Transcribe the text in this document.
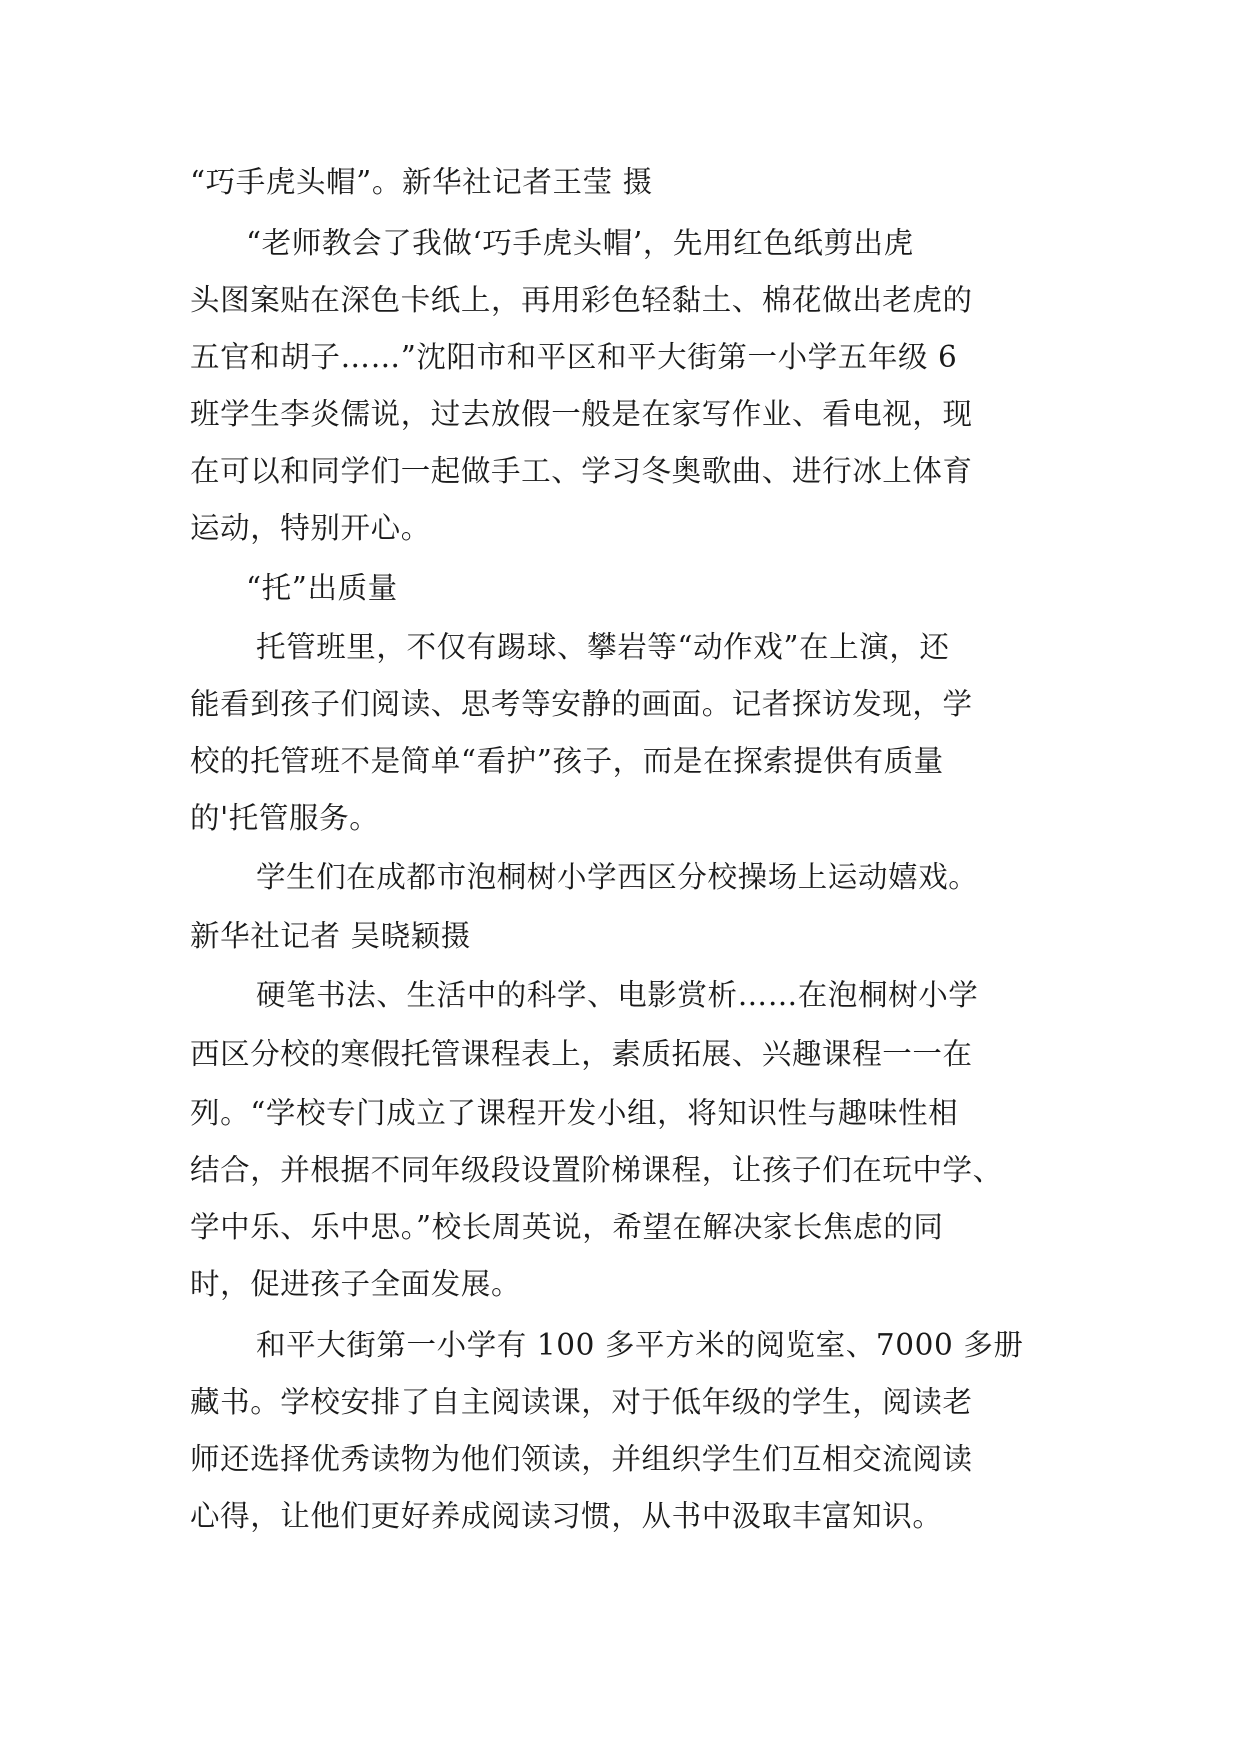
“巧手虎头帽”。新华社记者王莹 摄
“老师教会了我做‘巧手虎头帽’，先用红色纸剪出虎
头图案贴在深色卡纸上，再用彩色轻黏土、棉花做出老虎的
五官和胡子……”沈阳市和平区和平大街第一小学五年级 6
班学生李炎儒说，过去放假一般是在家写作业、看电视，现
在可以和同学们一起做手工、学习冬奥歌曲、进行冰上体育
运动，特别开心。
“托”出质量
托管班里，不仅有踢球、攀岩等“动作戏”在上演，还
能看到孩子们阅读、思考等安静的画面。记者探访发现，学
校的托管班不是简单“看护”孩子，而是在探索提供有质量
的'托管服务。
学生们在成都市泡桐树小学西区分校操场上运动嬉戏。
新华社记者 吴晓颖摄
硬笔书法、生活中的科学、电影赏析……在泡桐树小学
西区分校的寒假托管课程表上，素质拓展、兴趣课程一一在
列。“学校专门成立了课程开发小组，将知识性与趣味性相
结合，并根据不同年级段设置阶梯课程，让孩子们在玩中学、
学中乐、乐中思。”校长周英说，希望在解决家长焦虑的同
时，促进孩子全面发展。
和平大街第一小学有 100 多平方米的阅览室、7000 多册
藏书。学校安排了自主阅读课，对于低年级的学生，阅读老
师还选择优秀读物为他们领读，并组织学生们互相交流阅读
心得，让他们更好养成阅读习惯，从书中汲取丰富知识。
